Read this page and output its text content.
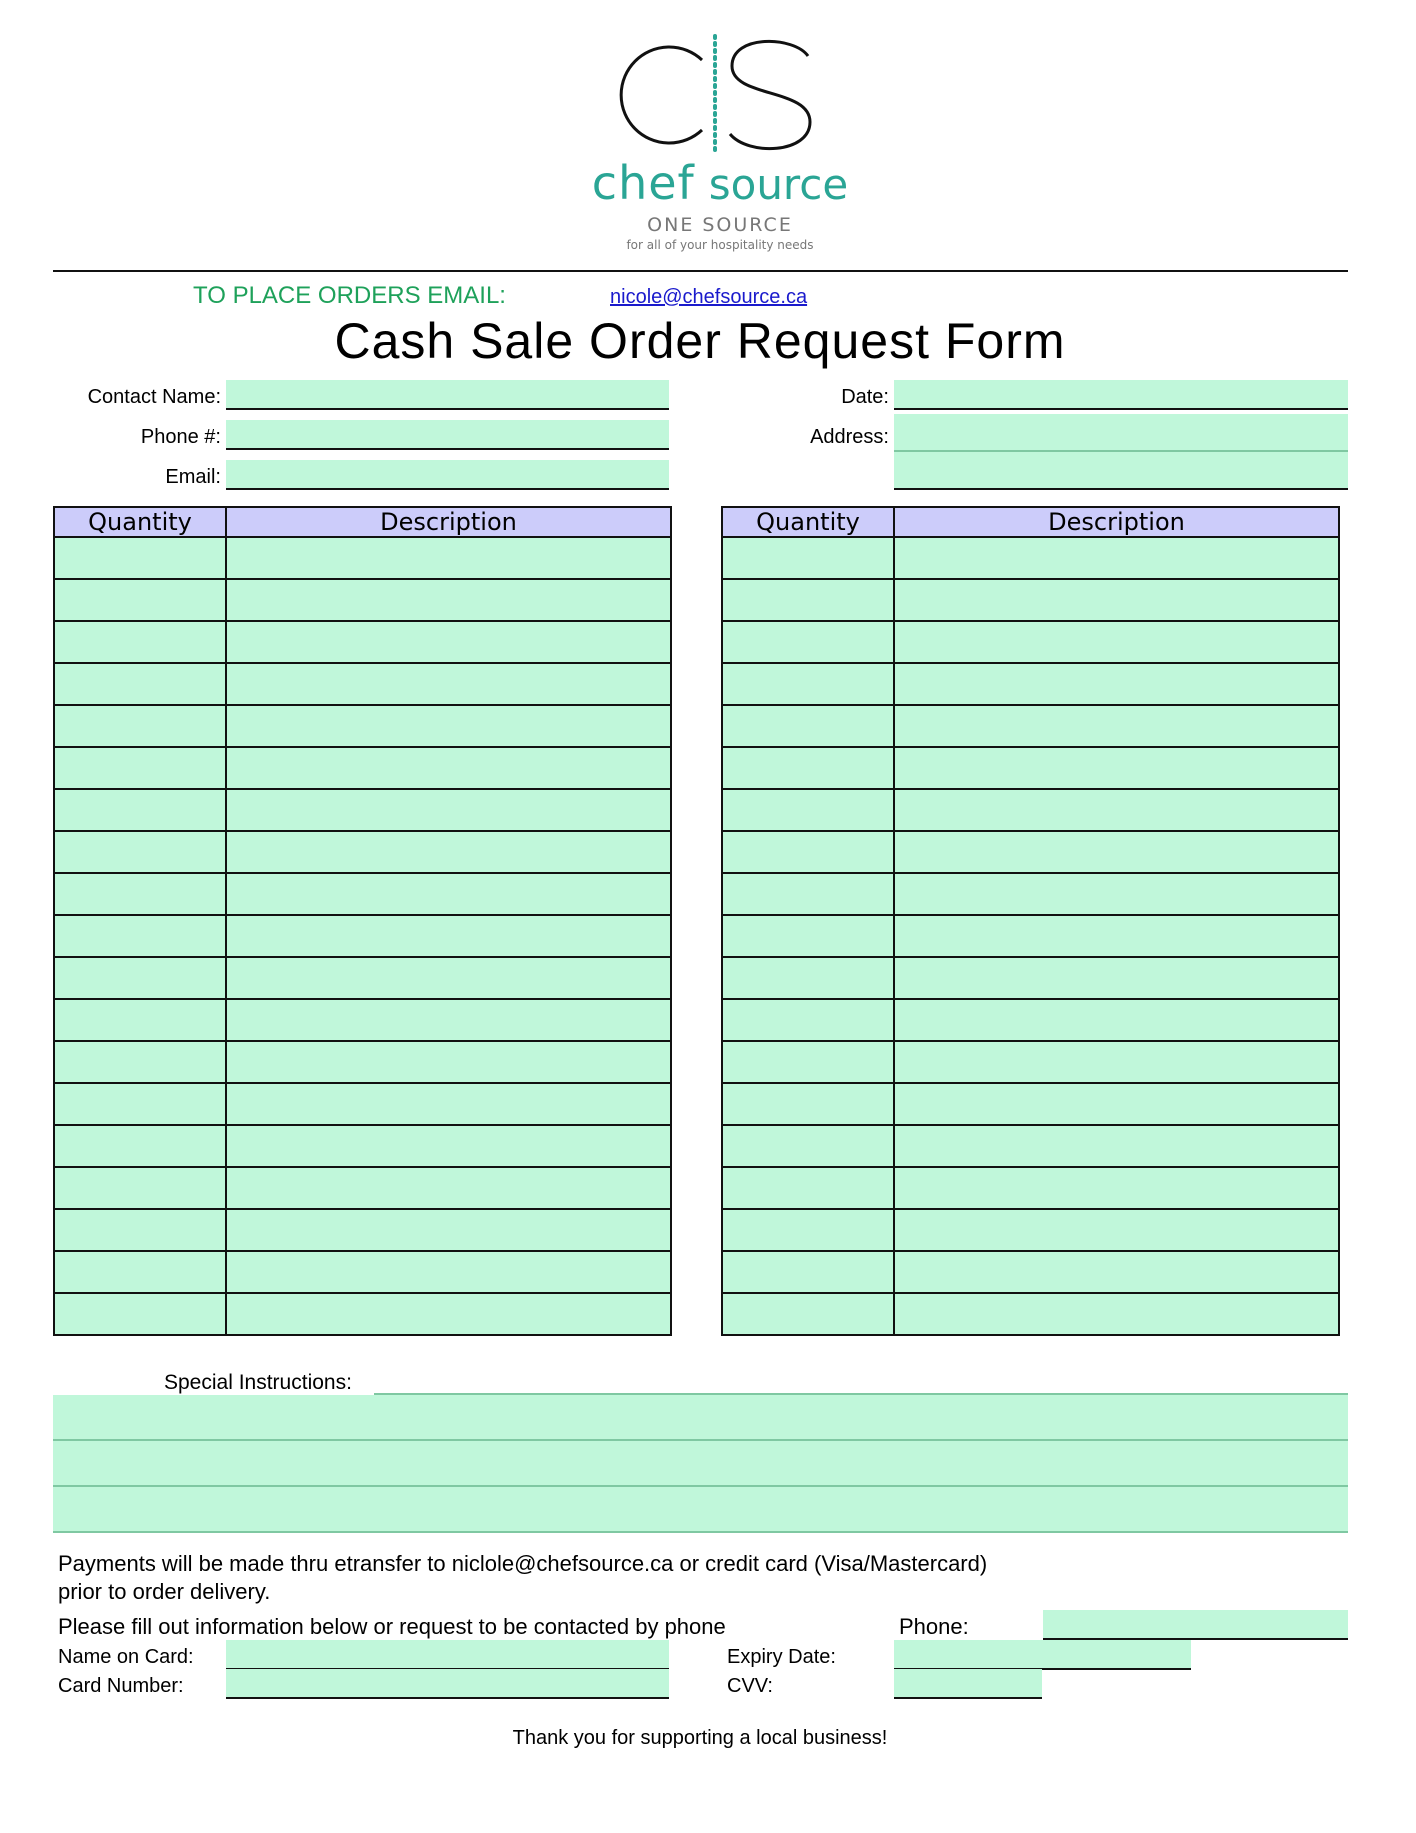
chef source
ONE SOURCE
for all of your hospitality needs
TO PLACE ORDERS EMAIL:	nicole@chefsource.ca
Cash Sale Order Request Form
Contact Name:
Phone #:
Email:
Date:
Address:
Quantity	Description

		Quantity	Description

Special Instructions:
Payments will be made thru etransfer to niclole@chefsource.ca or credit card (Visa/Mastercard)
prior to order delivery.
Please fill out information below or request to be contacted by phone	Phone:
Name on Card:
Card Number:
Expiry Date:
CVV:
Thank you for supporting a local business!
